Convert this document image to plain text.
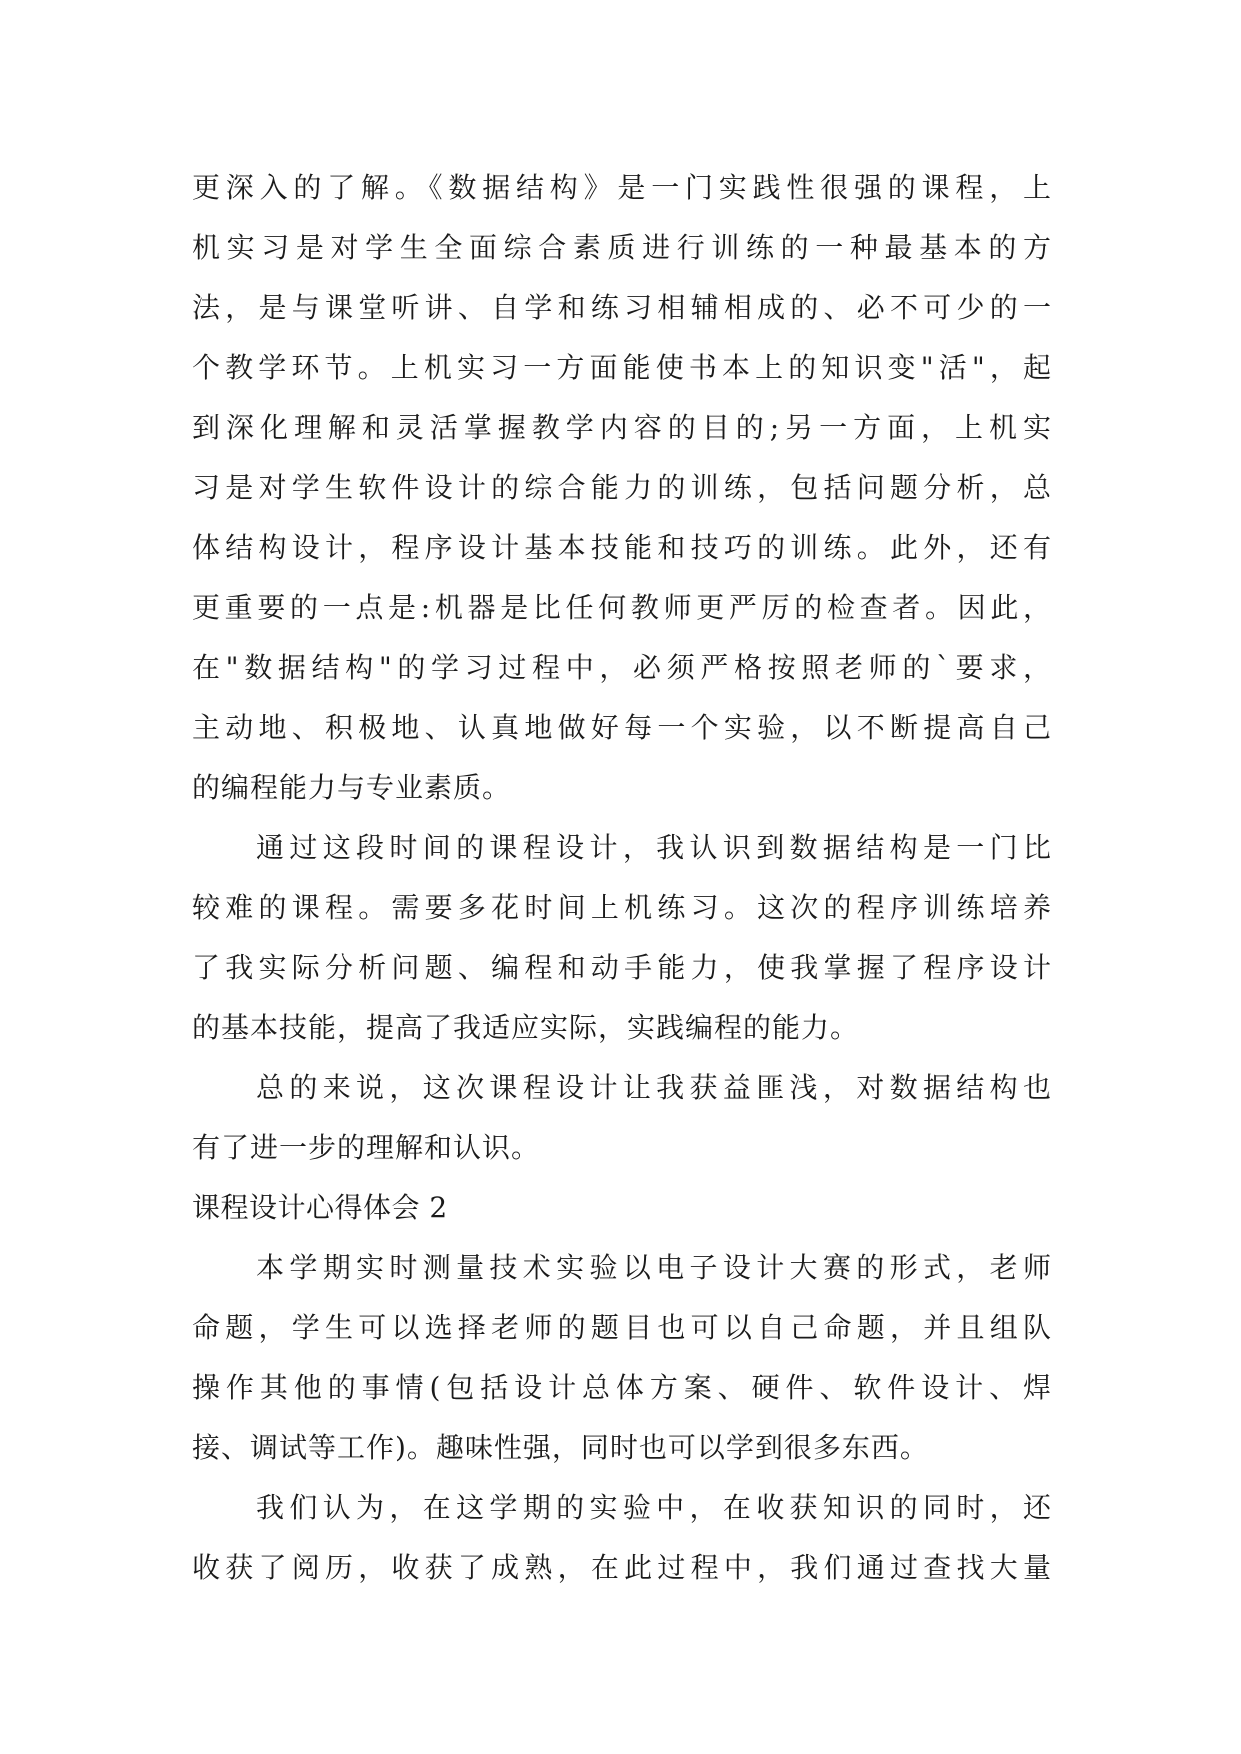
更深入的了解。《数据结构》是一门实践性很强的课程，上
机实习是对学生全面综合素质进行训练的一种最基本的方
法，是与课堂听讲、自学和练习相辅相成的、必不可少的一
个教学环节。上机实习一方面能使书本上的知识变"活"，起
到深化理解和灵活掌握教学内容的目的;另一方面，上机实
习是对学生软件设计的综合能力的训练，包括问题分析，总
体结构设计，程序设计基本技能和技巧的训练。此外，还有
更重要的一点是:机器是比任何教师更严厉的检查者。因此，
在"数据结构"的学习过程中，必须严格按照老师的`要求，
主动地、积极地、认真地做好每一个实验，以不断提高自己
的编程能力与专业素质。
通过这段时间的课程设计，我认识到数据结构是一门比
较难的课程。需要多花时间上机练习。这次的程序训练培养
了我实际分析问题、编程和动手能力，使我掌握了程序设计
的基本技能，提高了我适应实际，实践编程的能力。
总的来说，这次课程设计让我获益匪浅，对数据结构也
有了进一步的理解和认识。
课程设计心得体会 2
本学期实时测量技术实验以电子设计大赛的形式，老师
命题，学生可以选择老师的题目也可以自己命题，并且组队
操作其他的事情(包括设计总体方案、硬件、软件设计、焊
接、调试等工作)。趣味性强，同时也可以学到很多东西。
我们认为，在这学期的实验中，在收获知识的同时，还
收获了阅历，收获了成熟，在此过程中，我们通过查找大量
